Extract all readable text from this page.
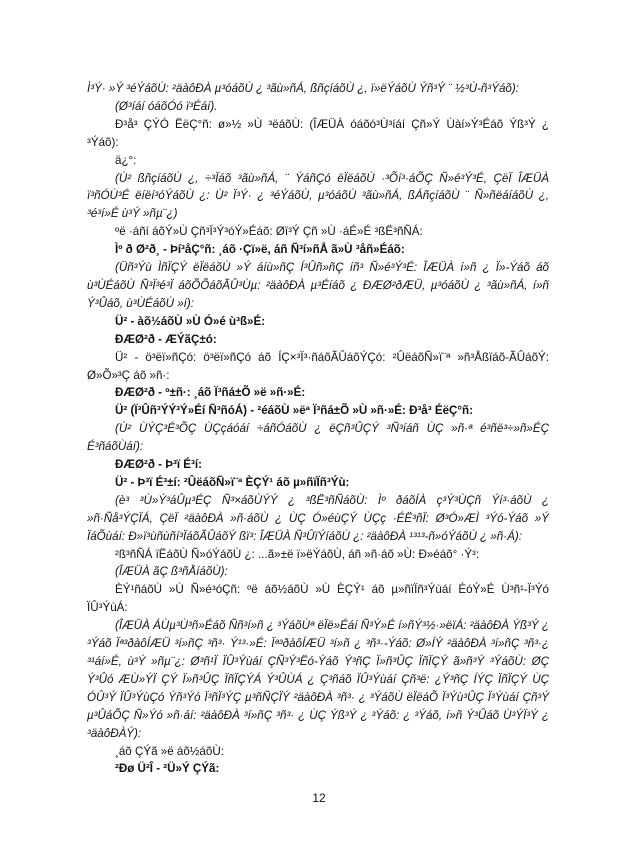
Ì³Ý· »Ý ³éÝáõÙ: ²äàôÐÀ µ³óáõÙ ¿ ³ãù»ñÁ, ßñçíáõÙ ¿, ï»ëÝáõÙ Ýñ³Ý ¨ ½³Ù-ñ³Ýáõ):

(Ø³íáí óáõÓó ï³Éáí).

Ð³å³ ÇÝÓ ËëÇ°ñ: ø»½ »Ù ³ëáõÙ: (ÎÆÜÀ óáõó³Ù³íáí Çñ»Ý Ùàí»Ý³Éáõ Ýß³Ý ¿ ³Ýáõ):

ä¿°:

(Ù² ßñçíáõÙ ¿, ÷³Ïáõ ³ãù»ñÁ, ¨ ÝáñÇó ëÏëáõÙ ·³Õí³·áÕÇ Ñ»é³Ý³É, ÇëÏ ÎÆÜÀ ï³ñÓÙ³É ëíëí³óÝáõÙ ¿: Ù² Ï³Ý· ¿ ³éÝáõÙ, µ³óáõÙ ³ãù»ñÁ, ßÁñçíáõÙ ¨ Ñ»ñëáíáõÙ ¿, ³é³í»É ù³Ý »ñµ¨¿)

ºë ·áñí áõÝ»Ù Çñ³Ï³Ý³óÝ»Éáõ: Øï³Ý Çñ »Ù ·áÉ»É ³ßË³ñÑÁ:

Ìº ð Ø²ð¸ - Þí³åÇ°ñ: ¸áõ ·Çï»ë, áñ Ñ³í»ñÅ ã»Ù ³åñ»Éáõ:

(Üñ³Ýù ÌñÏÇÝ ëÏëáõÙ »Ý áíù»ñÇ Í³Ûñ»ñÇ íñ³ Ñ»é³Ý³É: ÎÆÜÀ í»ñ ¿ Ï»-Ýáõ áõ ù³ÙÉáõÙ Ñ³Ï³é³Ï áõÕÕáõÃÛ³Ùµ: ²äàôÐÀ µ³Éíáõ ¿ ÐÆØ²ðÆÜ, µ³óáõÙ ¿ ³ãù»ñÁ, í»ñ Ý³Ûáõ, ù³ÙÉáõÙ »í):

Ü² - àõ½áõÙ »Ù Ó»é ù³ß»É:

ÐÆØ²ð - ÆÝãÇ±ó:

Ü² - ö³ëï»ñÇó: ö³ëï»ñÇó áõ ÍÇ×³Ï³·ñáõÃÛáõÝÇó: ²ÛëáõÑ»ï¨ª »ñ³Åßïáõ-ÃÛáõÝ: Ø»Õ»³Ç áõ »ñ·:

ÐÆØ²ð - º±ñ·: ¸áõ Ï³ñá±Õ »ë »ñ·»É:

Ü² (Ï³Ûñ³ÝÝ³Ý»Éí Ñ³ñóÁ) - ²éáõÙ »ëª Ï³ñá±Õ »Ù »ñ·»É: Ð³å³ ÉëÇ°ñ:

(Ù² ÙÝÇ³É³ÕÇ ÙÇçáóáí ÷áñÓáõÙ ¿ ëÇñ³ÛÇÝ ³Ñ³íáñ ÙÇ »ñ·ª é³ñë³÷»ñ»ÉÇ É³ñáõÙáí):

ÐÆØ²ð - Þ³ï É³í:

Ü² - Þ³ï É³±í: ²ÛëáõÑ»ï¨ª ÈÇÝ¹ áõ µ»ñïÏñ³Ýù:

(è³ ³Ù»Ý³áÛµ³ÉÇ Ñ³×áõÙÝÝ ¿ ³ßË³ñÑáõÙ: Ìº ðáõÍÀ ç³Ý³ÙÇñ Ýí³·áõÙ ¿ »ñ·Ñå³ÝÇÏÁ, ÇëÏ ²äàôÐÀ »ñ·áõÙ ¿ ÙÇ Ó»éùÇÝ ÙÇç ·ÉË³ñÏ: Ø³Ó»ÆÌ ³Ýó-Ýáõ »Ý ÏáÕùáí: Ð»ï³ùñùñí³ÏáõÃÛáõÝ ßï³: ÎÆÜÀ Ñ³ÛïÝíáõÙ ¿: ²äàôÐÀ ¹³¹³-ñ»óÝáõÙ ¿ »ñ·Á):

²ß³ñÑÁ ïËáõÙ Ñ»óÝáõÙ ¿: ...ã»±ë ï»ëÝáõÙ, áñ »ñ·áõ »Ù: Ð»éáõ° ·Ý³:

(ÎÆÜÀ ãÇ ß³ñÅíáõÙ):

ÈÝ¹ñáõÙ »Ù Ñ»é³óÇñ: ºë áõ½áõÙ »Ù ÈÇÝ¹ áõ µ»ñïÏñ³Ýùáí ÉóÝ»É Ù³ñ¹-Ï³Ýó ÏÛ³ÝùÁ:

(ÎÆÜÀ ÁÙµ³Ù³ñ»Éáõ Ññ³í»ñ ¿ ³ÝáõÙª ëÏë»Éáí Ñ³Ý»É í»ñÝ³½·»ëïÁ: ²äàôÐÀ Ýß³Ý ¿ ³Ýáõ Ïª³ðàôÍÆÜ ³í»ñÇ ³ñ³· Ý¹³·»É: Ïª³ðàôÍÆÜ ³í»ñ ¿ ³ñ³·-Ýáõ: Ø»ÍÝ ²äàôÐÀ ³í»ñÇ ³ñ³·¿ ³¹áí»É, ù³Ý »ñµ¨¿: Ø³ñ¹Ï ÏÛ³Ýùáí ÇÑ³Ý³Ëó-Ýáõ Ý³ñÇ Ï»ñ³ÛÇ ÏñÏÇÝ ã»ñ³Ý ³ÝáõÙ: ØÇ Ý³Ûó ÆÙ»ÝÏ ÇÝ Ï»ñ³ÛÇ ÏñÏÇÝÁ Ý³ÛÙÁ ¿ Ç³ñáõ ÏÛ³Ýùáí Çñ³ë: ¿Ý³ñÇ ÍÝÇ ÏñÏÇÝ ÙÇ ÓÛ³Ý ÏÛ³ÝùÇó Ýñ³Ýó Ï³ñÏ³ÝÇ µ³ñÑÇÏÝ ²äàôÐÀ ³ñ³· ¿ ³ÝáõÙ ëÏëáÕ Ï³Ýù³ÛÇ Ï³Ýùáí Çñ³Ý µ³ÛáÕÇ Ñ»Ýó »ñ·áí: ²äàôÐÀ ³í»ñÇ ³ñ³· ¿ ÙÇ Ýß³Ý ¿ ³Ýáõ: ¿ ³Ýáõ, í»ñ Ý³Ûáõ Ù³ÝÏ³Ý ¿ ³äàôÐÀÝ):

¸áõ ÇÝã »ë áõ½áõÙ:

²Ðø Ü²Î - ²Ü»Ý ÇÝã:

12
